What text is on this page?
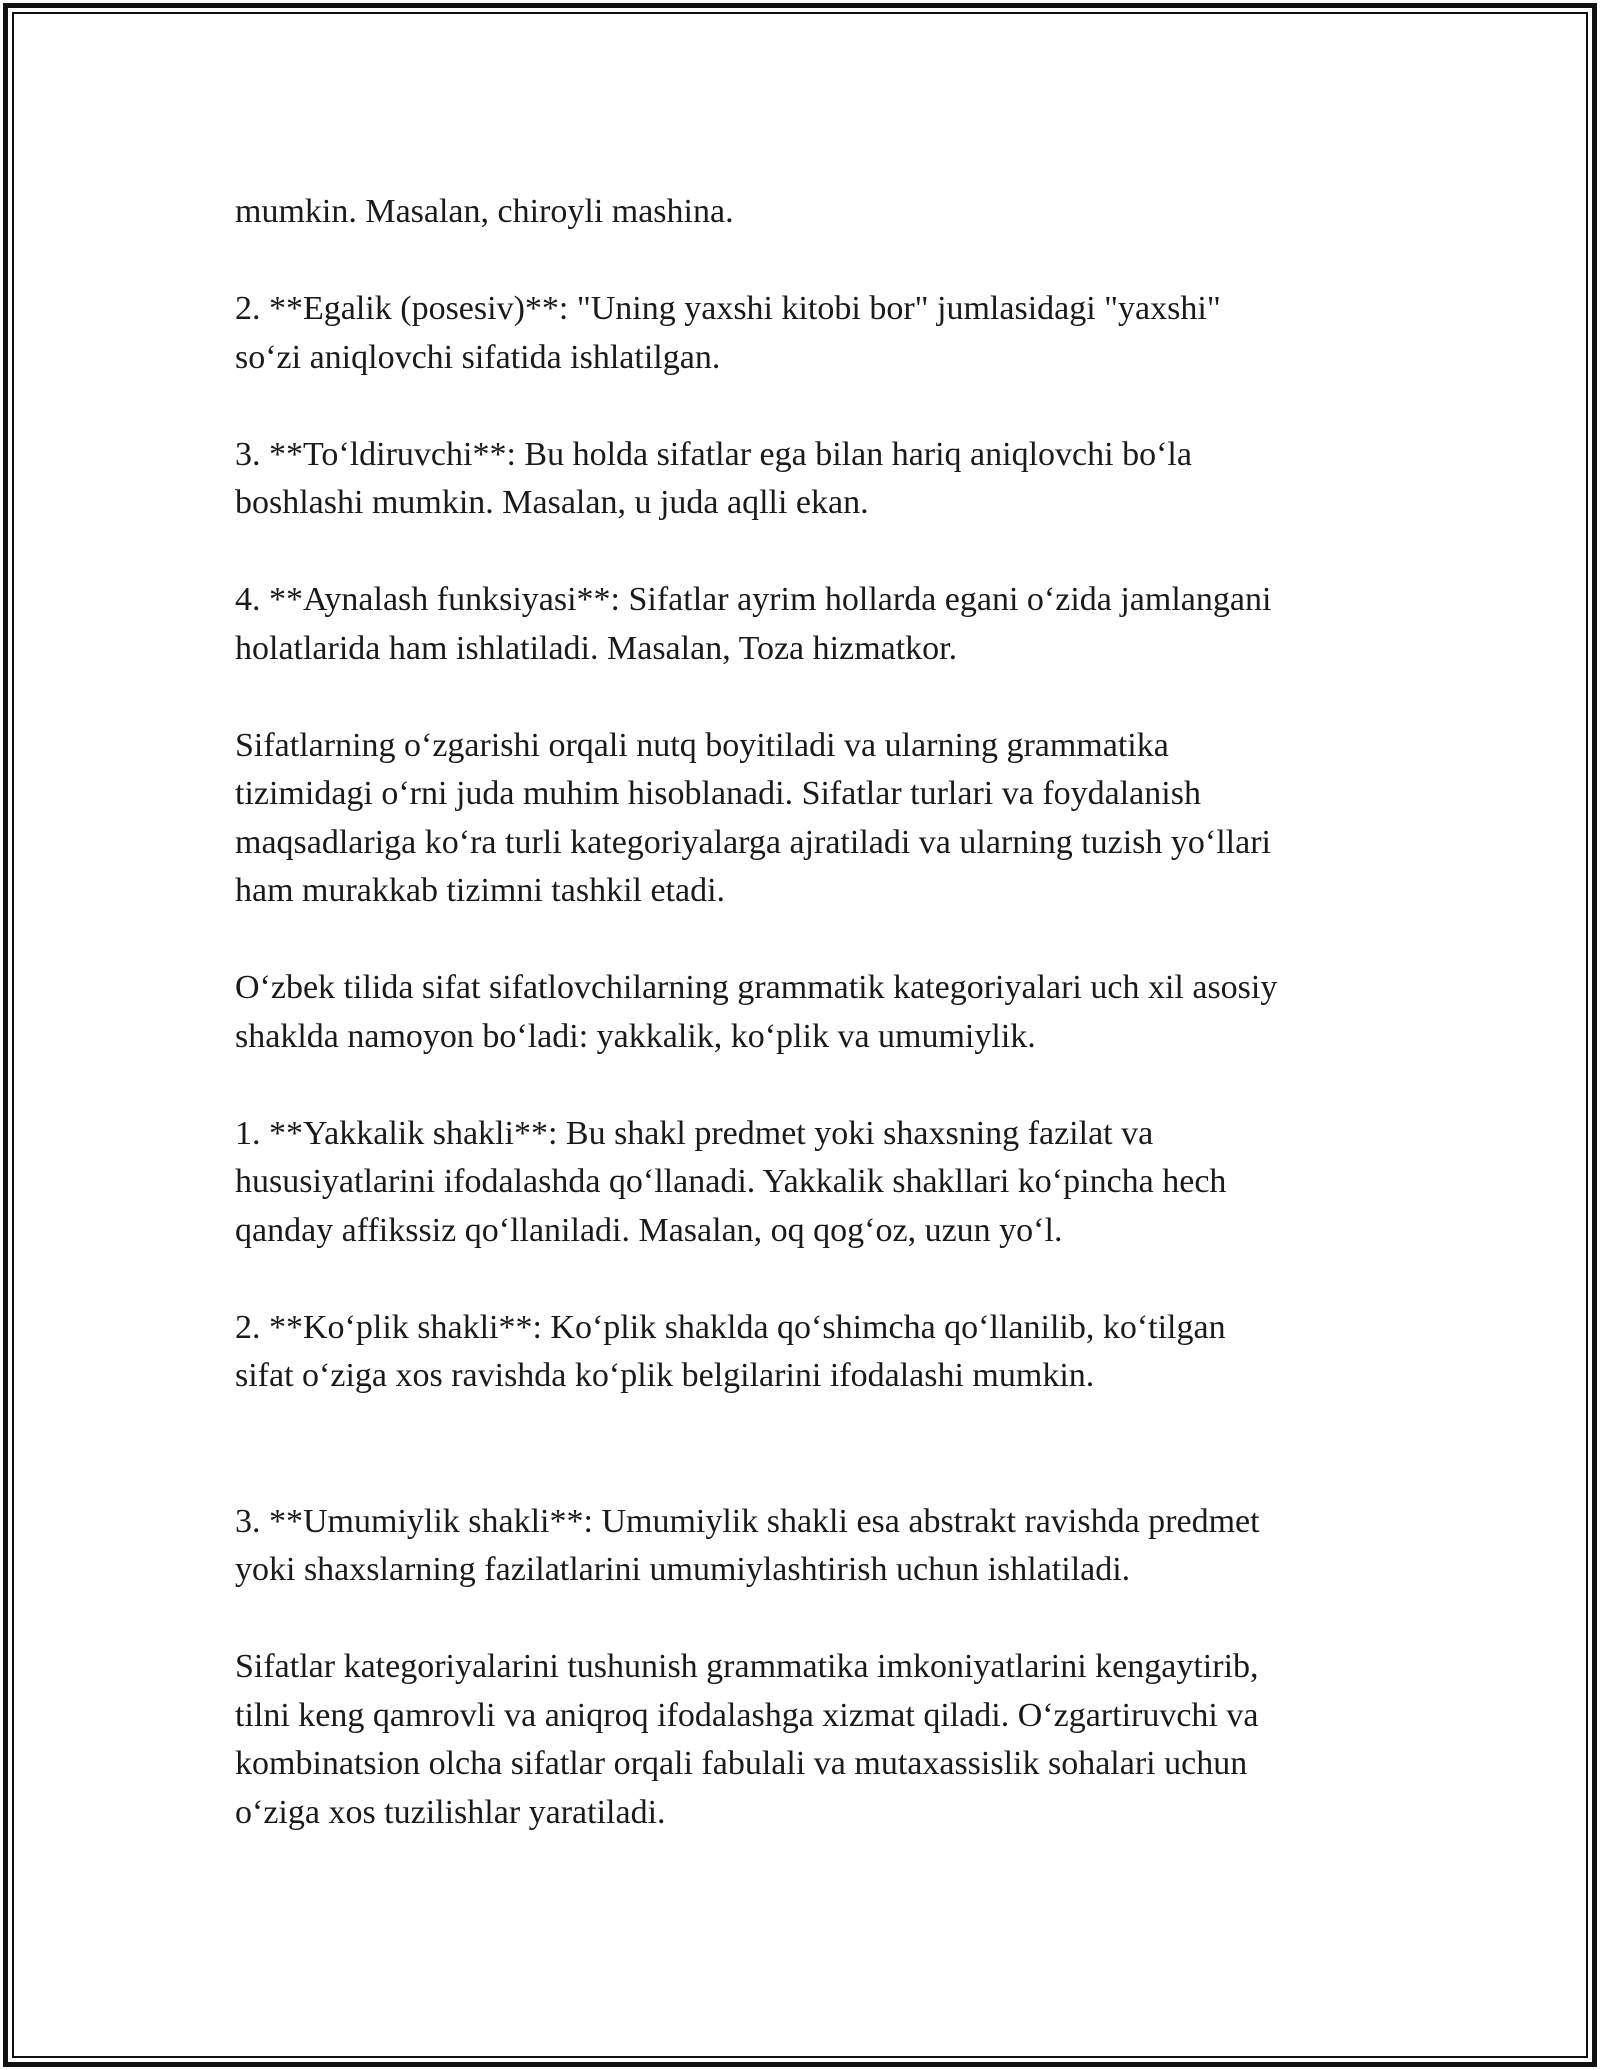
mumkin. Masalan, chiroyli mashina.

2. **Egalik (posesiv)**: "Uning yaxshi kitobi bor" jumlasidagi "yaxshi"
so‘zi aniqlovchi sifatida ishlatilgan.

3. **To‘ldiruvchi**: Bu holda sifatlar ega bilan hariq aniqlovchi bo‘la
boshlashi mumkin. Masalan, u juda aqlli ekan.

4. **Aynalash funksiyasi**: Sifatlar ayrim hollarda egani o‘zida jamlangani
holatlarida ham ishlatiladi. Masalan, Toza hizmatkor.

Sifatlarning o‘zgarishi orqali nutq boyitiladi va ularning grammatika
tizimidagi o‘rni juda muhim hisoblanadi. Sifatlar turlari va foydalanish
maqsadlariga ko‘ra turli kategoriyalarga ajratiladi va ularning tuzish yo‘llari
ham murakkab tizimni tashkil etadi.

O‘zbek tilida sifat sifatlovchilarning grammatik kategoriyalari uch xil asosiy
shaklda namoyon bo‘ladi: yakkalik, ko‘plik va umumiylik.

1. **Yakkalik shakli**: Bu shakl predmet yoki shaxsning fazilat va
hususiyatlarini ifodalashda qo‘llanadi. Yakkalik shakllari ko‘pincha hech
qanday affikssiz qo‘llaniladi. Masalan, oq qog‘oz, uzun yo‘l.

2. **Ko‘plik shakli**: Ko‘plik shaklda qo‘shimcha qo‘llanilib, ko‘tilgan
sifat o‘ziga xos ravishda ko‘plik belgilarini ifodalashi mumkin.

3. **Umumiylik shakli**: Umumiylik shakli esa abstrakt ravishda predmet
yoki shaxslarning fazilatlarini umumiylashtirish uchun ishlatiladi.

Sifatlar kategoriyalarini tushunish grammatika imkoniyatlarini kengaytirib,
tilni keng qamrovli va aniqroq ifodalashga xizmat qiladi. O‘zgartiruvchi va
kombinatsion olcha sifatlar orqali fabulali va mutaxassislik sohalari uchun
o‘ziga xos tuzilishlar yaratiladi.
